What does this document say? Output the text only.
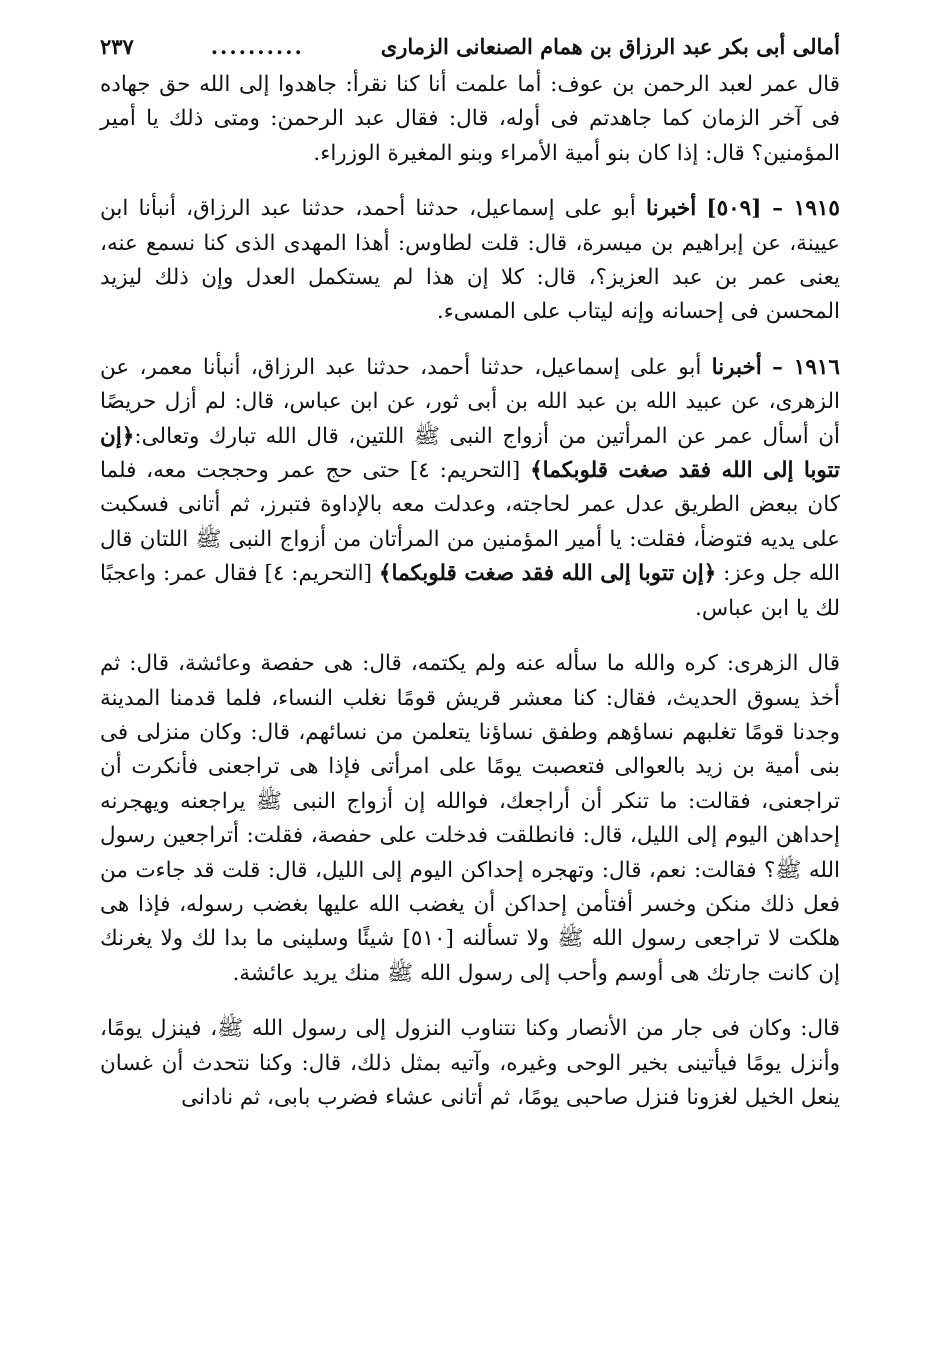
أمالى أبى بكر عبد الرزاق بن همام الصنعانى الزمارى
..........
٢٣٧

قال عمر لعبد الرحمن بن عوف: أما علمت أنا كنا نقرأ: جاهدوا إلى الله حق جهاده فى آخر الزمان كما جاهدتم فى أوله، قال: فقال عبد الرحمن: ومتى ذلك يا أمير المؤمنين؟ قال: إذا كان بنو أمية الأمراء وبنو المغيرة الوزراء.

١٩١٥ – [٥٠٩] أخبرنا أبو على إسماعيل، حدثنا أحمد، حدثنا عبد الرزاق، أنبأنا ابن عيينة، عن إبراهيم بن ميسرة، قال: قلت لطاوس: أهذا المهدى الذى كنا نسمع عنه، يعنى عمر بن عبد العزيز؟، قال: كلا إن هذا لم يستكمل العدل وإن ذلك ليزيد المحسن فى إحسانه وإنه ليتاب على المسىء.

١٩١٦ – أخبرنا أبو على إسماعيل، حدثنا أحمد، حدثنا عبد الرزاق، أنبأنا معمر، عن الزهرى، عن عبيد الله بن عبد الله بن أبى ثور، عن ابن عباس، قال: لم أزل حريصًا أن أسأل عمر عن المرأتين من أزواج النبى ﷺ اللتين، قال الله تبارك وتعالى:﴿إن تتوبا إلى الله فقد صغت قلوبكما﴾ [التحريم: ٤] حتى حج عمر وحججت معه، فلما كان ببعض الطريق عدل عمر لحاجته، وعدلت معه بالإداوة فتبرز، ثم أتانى فسكبت على يديه فتوضأ، فقلت: يا أمير المؤمنين من المرأتان من أزواج النبى ﷺ اللتان قال الله جل وعز: ﴿إن تتوبا إلى الله فقد صغت قلوبكما﴾ [التحريم: ٤] فقال عمر: واعجبًا لك يا ابن عباس.

قال الزهرى: كره والله ما سأله عنه ولم يكتمه، قال: هى حفصة وعائشة، قال: ثم أخذ يسوق الحديث، فقال: كنا معشر قريش قومًا نغلب النساء، فلما قدمنا المدينة وجدنا قومًا تغلبهم نساؤهم وطفق نساؤنا يتعلمن من نسائهم، قال: وكان منزلى فى بنى أمية بن زيد بالعوالى فتعصبت يومًا على امرأتى فإذا هى تراجعنى فأنكرت أن تراجعنى، فقالت: ما تنكر أن أراجعك، فوالله إن أزواج النبى ﷺ يراجعنه ويهجرنه إحداهن اليوم إلى الليل، قال: فانطلقت فدخلت على حفصة، فقلت: أتراجعين رسول الله ﷺ؟ فقالت: نعم، قال: وتهجره إحداكن اليوم إلى الليل، قال: قلت قد جاءت من فعل ذلك منكن وخسر أفتأمن إحداكن أن يغضب الله عليها بغضب رسوله، فإذا هى هلكت لا تراجعى رسول الله ﷺ ولا تسألنه [٥١٠] شيئًا وسلينى ما بدا لك ولا يغرنك إن كانت جارتك هى أوسم وأحب إلى رسول الله ﷺ منك يريد عائشة.

قال: وكان فى جار من الأنصار وكنا نتناوب النزول إلى رسول الله ﷺ، فينزل يومًا، وأنزل يومًا فيأتينى بخير الوحى وغيره، وآتيه بمثل ذلك، قال: وكنا نتحدث أن غسان ينعل الخيل لغزونا فنزل صاحبى يومًا، ثم أتانى عشاء فضرب بابى، ثم نادانى
